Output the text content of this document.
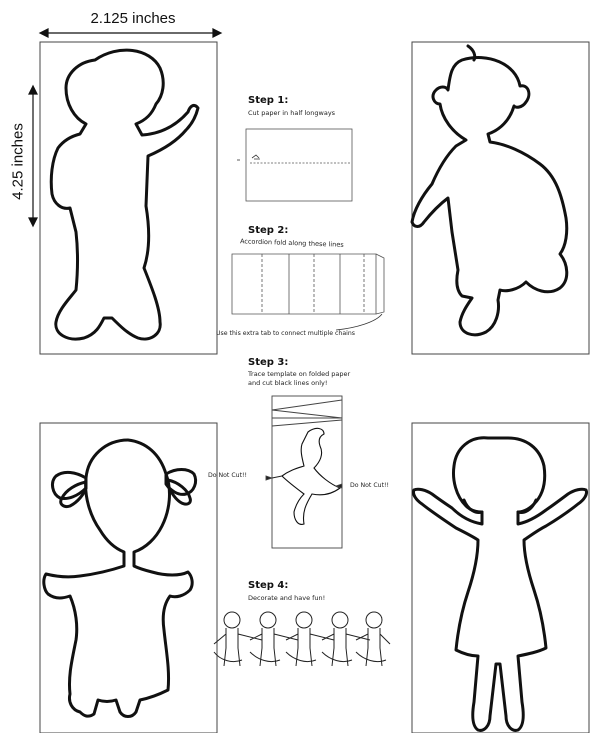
2.125 inches
4.25 inches
Step 1:
Cut paper in half longways
Step 2:
Accordion fold along these lines
Use this extra tab to connect multiple chains
Step 3:
Trace template on folded paper
and cut black lines only!
Do Not Cut!!
Do Not Cut!!
Step 4:
Decorate and have fun!
